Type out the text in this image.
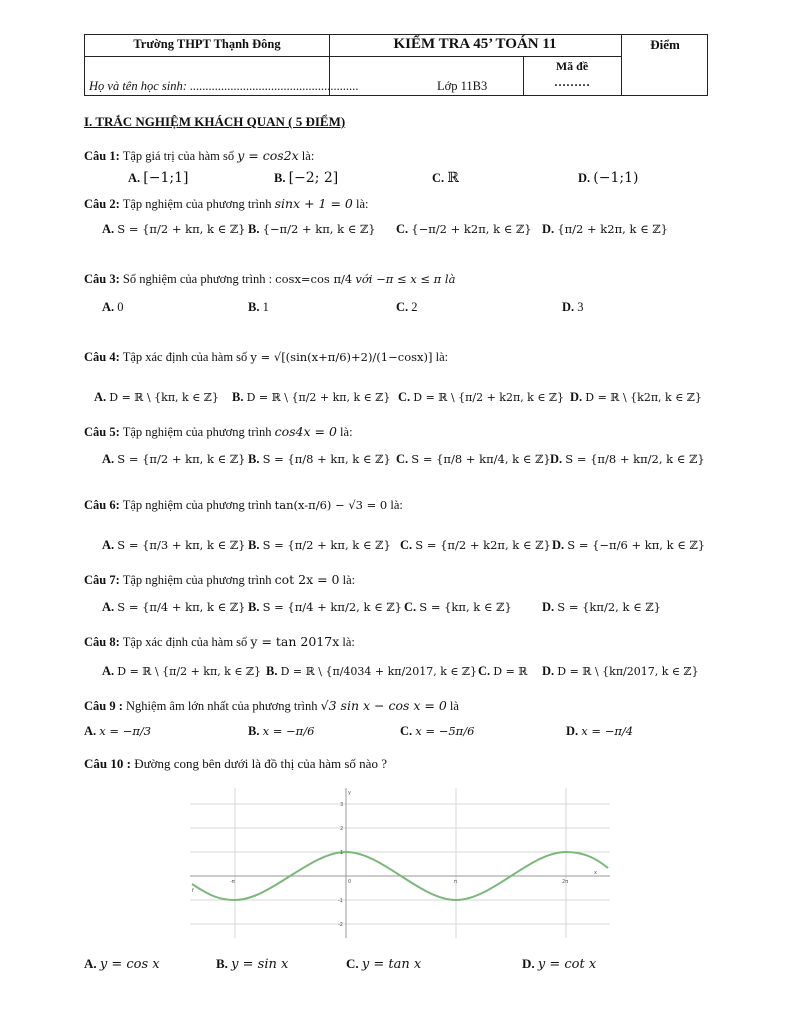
Trường THPT Thạnh Đông	KIỂM TRA 45’ TOÁN 11	Điểm
Họ và tên học sinh: ......................................................	Lớp 11B3
Mã đề
………
I. TRẮC NGHIỆM KHÁCH QUAN ( 5 ĐIỂM)
Câu 1: Tập giá trị của hàm số y = cos2x là:
A. [−1;1]	B. [−2; 2]	C. ℝ	D. (−1;1)
Câu 2: Tập nghiệm của phương trình sinx + 1 = 0 là:
A. S = {π/2 + kπ, k ∈ ℤ} B. {−π/2 + kπ, k ∈ ℤ} C. {−π/2 + k2π, k ∈ ℤ} D. {π/2 + k2π, k ∈ ℤ}
Câu 3: Số nghiệm của phương trình : cosx=cos π/4 với −π ≤ x ≤ π là
A. 0	B. 1	C. 2	D. 3
Câu 4: Tập xác định của hàm số y = √[(sin(x+π/6)+2)/(1−cosx)] là:
A. D = ℝ \ {kπ, k ∈ ℤ} B. D = ℝ \ {π/2 + kπ, k ∈ ℤ} C. D = ℝ \ {π/2 + k2π, k ∈ ℤ} D. D = ℝ \ {k2π, k ∈ ℤ}
Câu 5: Tập nghiệm của phương trình cos4x = 0 là:
A. S = {π/2 + kπ, k ∈ ℤ} B. S = {π/8 + kπ, k ∈ ℤ} C. S = {π/8 + kπ/4, k ∈ ℤ} D. S = {π/8 + kπ/2, k ∈ ℤ}
Câu 6: Tập nghiệm của phương trình tan(x-π/6) − √3 = 0 là:
A. S = {π/3 + kπ, k ∈ ℤ} B. S = {π/2 + kπ, k ∈ ℤ} C. S = {π/2 + k2π, k ∈ ℤ} D. S = {−π/6 + kπ, k ∈ ℤ}
Câu 7: Tập nghiệm của phương trình cot 2x = 0 là:
A. S = {π/4 + kπ, k ∈ ℤ} B. S = {π/4 + kπ/2, k ∈ ℤ} C. S = {kπ, k ∈ ℤ} D. S = {kπ/2, k ∈ ℤ}
Câu 8: Tập xác định của hàm số y = tan 2017x là:
A. D = ℝ \ {π/2 + kπ, k ∈ ℤ} B. D = ℝ \ {π/4034 + kπ/2017, k ∈ ℤ} C. D = ℝ D. D = ℝ \ {kπ/2017, k ∈ ℤ}
Câu 9 : Nghiệm âm lớn nhất của phương trình √3 sin x − cos x = 0 là
A. x = −π/3	B. x = −π/6	C. x = −5π/6	D. x = −π/4
Câu 10 : Đường cong bên dưới là đồ thị của hàm số nào ?
3
2
1
-1
-2
-π	0	π	2π
x
y
f
A. y = cos x	B. y = sin x	C. y = tan x	D. y = cot x
